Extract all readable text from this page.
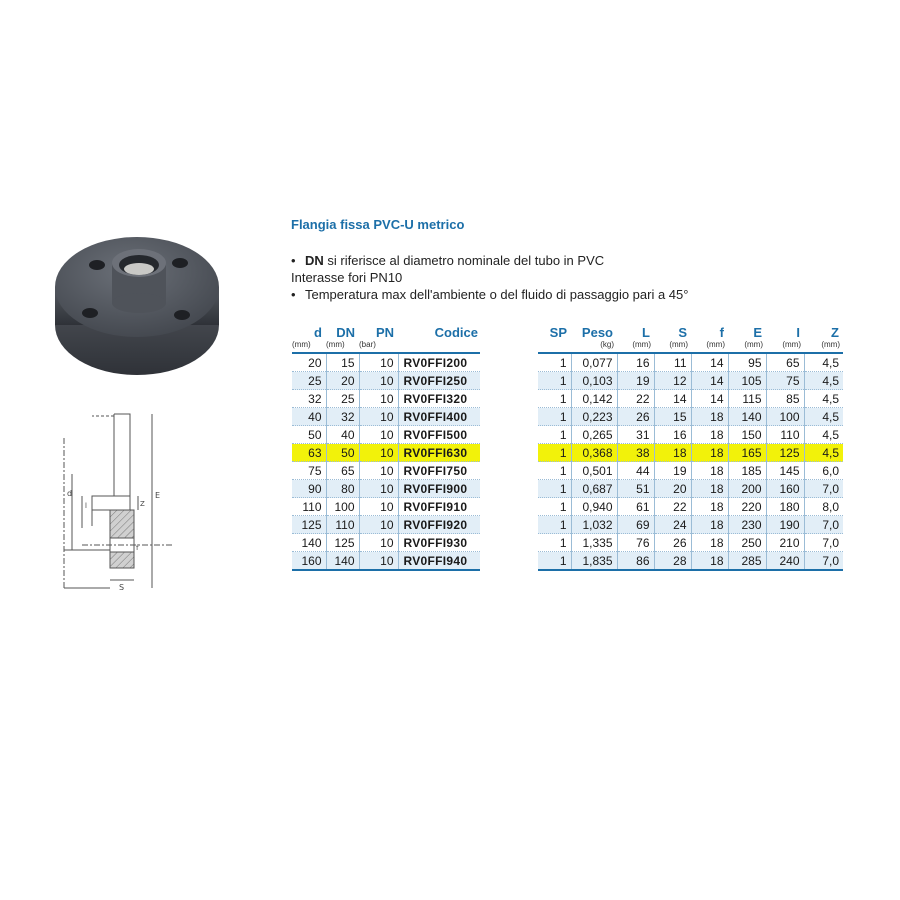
d
l	Z
E
f
S
Flangia fissa PVC-U metrico
• DN si riferisce al diametro nominale del tubo in PVC
Interasse fori PN10
• Temperatura max dell'ambiente o del fluido di passaggio pari a 45°
d	DN	PN	Codice
(mm)	(mm)	(bar)	
20	15	10	RV0FFI200
25	20	10	RV0FFI250
32	25	10	RV0FFI320
40	32	10	RV0FFI400
50	40	10	RV0FFI500
63	50	10	RV0FFI630
75	65	10	RV0FFI750
90	80	10	RV0FFI900
110	100	10	RV0FFI910
125	110	10	RV0FFI920
140	125	10	RV0FFI930
160	140	10	RV0FFI940
SP	Peso	L	S	f	E	I	Z
	(kg)	(mm)	(mm)	(mm)	(mm)	(mm)	(mm)
1	0,077	16	11	14	95	65	4,5
1	0,103	19	12	14	105	75	4,5
1	0,142	22	14	14	115	85	4,5
1	0,223	26	15	18	140	100	4,5
1	0,265	31	16	18	150	110	4,5
1	0,368	38	18	18	165	125	4,5
1	0,501	44	19	18	185	145	6,0
1	0,687	51	20	18	200	160	7,0
1	0,940	61	22	18	220	180	8,0
1	1,032	69	24	18	230	190	7,0
1	1,335	76	26	18	250	210	7,0
1	1,835	86	28	18	285	240	7,0
